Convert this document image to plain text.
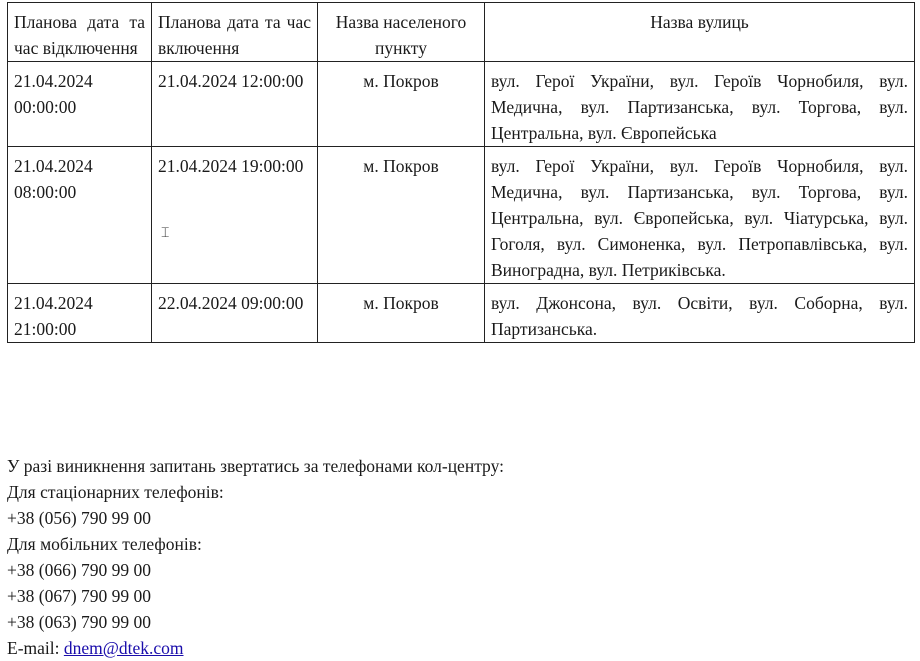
Планова дата та час відключення	Планова дата та час включення	Назва населеного пункту	Назва вулиць
21.04.2024 00:00:00	21.04.2024 12:00:00	м. Покров	вул. Герої України, вул. Героїв Чорнобиля, вул. Медична, вул. Партизанська, вул. Торгова, вул. Центральна, вул. Європейська
21.04.2024 08:00:00	21.04.2024 19:00:00	м. Покров	вул. Герої України, вул. Героїв Чорнобиля, вул. Медична, вул. Партизанська, вул. Торгова, вул. Центральна, вул. Європейська, вул. Чіатурська, вул. Гоголя, вул. Симоненка, вул. Петропавлівська, вул. Виноградна, вул. Петриківська.
21.04.2024 21:00:00	22.04.2024 09:00:00	м. Покров	вул. Джонсона, вул. Освіти, вул. Соборна, вул. Партизанська.
⌶
У разі виникнення запитань звертатись за телефонами кол-центру:
Для стаціонарних телефонів:
+38 (056) 790 99 00
Для мобільних телефонів:
+38 (066) 790 99 00
+38 (067) 790 99 00
+38 (063) 790 99 00
E-mail: dnem@dtek.com
